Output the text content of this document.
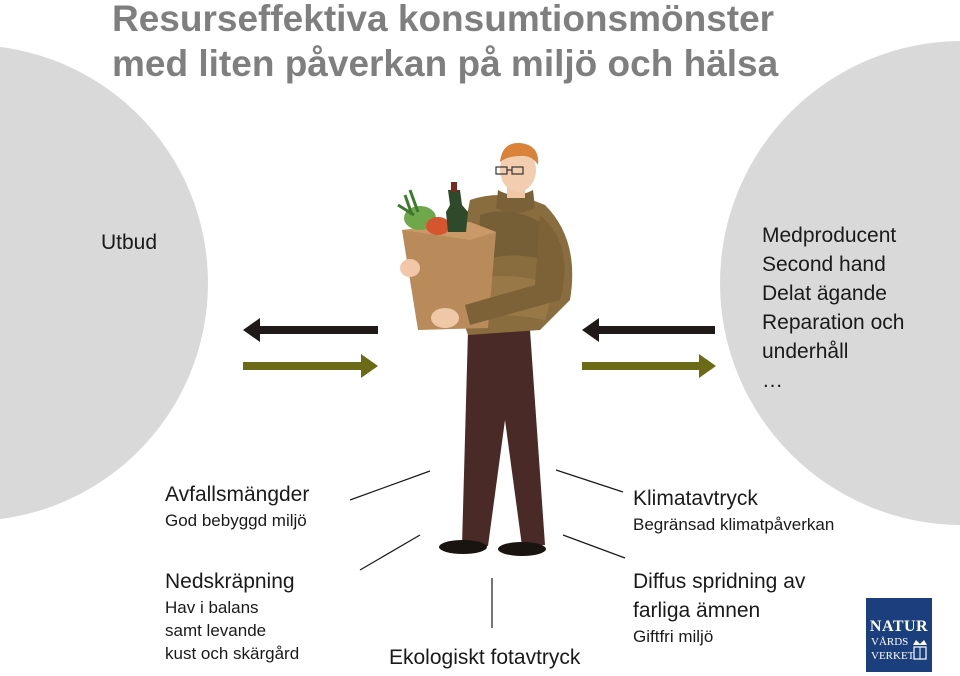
Resurseffektiva konsumtionsmönster
med liten påverkan på miljö och hälsa
Utbud	Medproducent
Second hand
Delat ägande
Reparation och
underhåll
…
Avfallsmängder
God bebyggd miljö
Klimatavtryck
Begränsad klimatpåverkan
Nedskräpning
Hav i balans
samt levande
kust och skärgård
Diffus spridning av
farliga ämnen
Giftfri miljö
Ekologiskt fotavtryck
NATUR
VÅRDS
VERKET
